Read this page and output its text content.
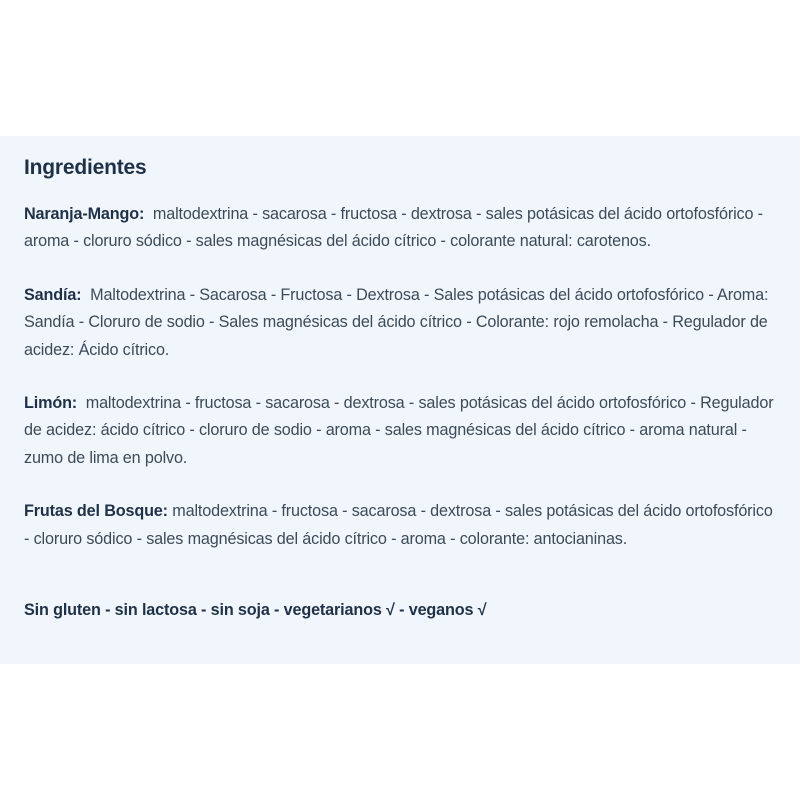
Ingredientes

Naranja-Mango: maltodextrina - sacarosa - fructosa - dextrosa - sales potásicas del ácido ortofosfórico - aroma - cloruro sódico - sales magnésicas del ácido cítrico - colorante natural: carotenos.

Sandía: Maltodextrina - Sacarosa - Fructosa - Dextrosa - Sales potásicas del ácido ortofosfórico - Aroma: Sandía - Cloruro de sodio - Sales magnésicas del ácido cítrico - Colorante: rojo remolacha - Regulador de acidez: Ácido cítrico.

Limón: maltodextrina - fructosa - sacarosa - dextrosa - sales potásicas del ácido ortofosfórico - Regulador de acidez: ácido cítrico - cloruro de sodio - aroma - sales magnésicas del ácido cítrico - aroma natural - zumo de lima en polvo.

Frutas del Bosque: maltodextrina - fructosa - sacarosa - dextrosa - sales potásicas del ácido ortofosfórico - cloruro sódico - sales magnésicas del ácido cítrico - aroma - colorante: antocianinas.

Sin gluten - sin lactosa - sin soja - vegetarianos √ - veganos √
